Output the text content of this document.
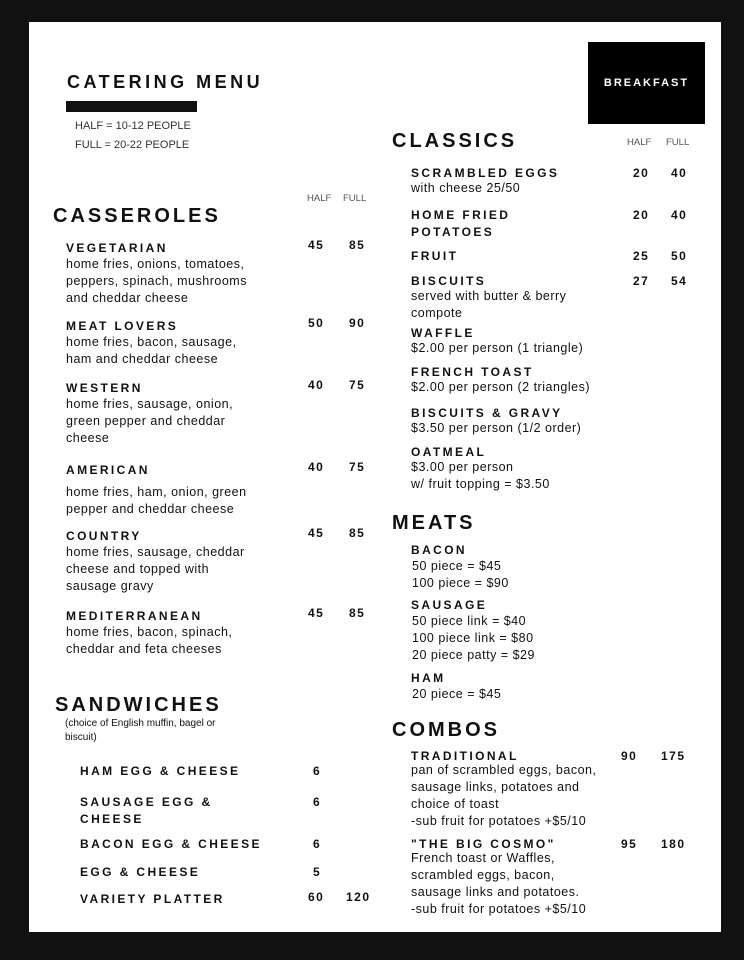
CATERING MENU
HALF = 10-12 PEOPLE
FULL = 20-22 PEOPLE
BREAKFAST
CASSEROLES
HALF FULL
VEGETARIAN
home fries, onions, tomatoes,
peppers, spinach, mushrooms
and cheddar cheese
45 85
MEAT LOVERS
home fries, bacon, sausage,
ham and cheddar cheese
50 90
WESTERN
home fries, sausage, onion,
green pepper and cheddar
cheese
40 75
AMERICAN
home fries, ham, onion, green
pepper and cheddar cheese
40 75
COUNTRY
home fries, sausage, cheddar
cheese and topped with
sausage gravy
45 85
MEDITERRANEAN
home fries, bacon, spinach,
cheddar and feta cheeses
45 85
SANDWICHES
(choice of English muffin, bagel or
biscuit)
HAM EGG & CHEESE	6
SAUSAGE EGG &
CHEESE
6
BACON EGG & CHEESE	6
EGG & CHEESE	5
VARIETY PLATTER	60 120
CLASSICS	HALF FULL
SCRAMBLED EGGS
with cheese 25/50
20 40
HOME FRIED
POTATOES
20 40
FRUIT	25 50
BISCUITS
served with butter & berry
compote
27 54
WAFFLE
$2.00 per person (1 triangle)
FRENCH TOAST
$2.00 per person (2 triangles)
BISCUITS & GRAVY
$3.50 per person (1/2 order)
OATMEAL
$3.00 per person
w/ fruit topping = $3.50
MEATS
BACON
50 piece = $45
100 piece = $90
SAUSAGE
50 piece link = $40
100 piece link = $80
20 piece patty = $29
HAM
20 piece = $45
COMBOS
TRADITIONAL
pan of scrambled eggs, bacon,
sausage links, potatoes and
choice of toast
-sub fruit for potatoes +$5/10
90 175
"THE BIG COSMO"
French toast or Waffles,
scrambled eggs, bacon,
sausage links and potatoes.
-sub fruit for potatoes +$5/10
95 180
